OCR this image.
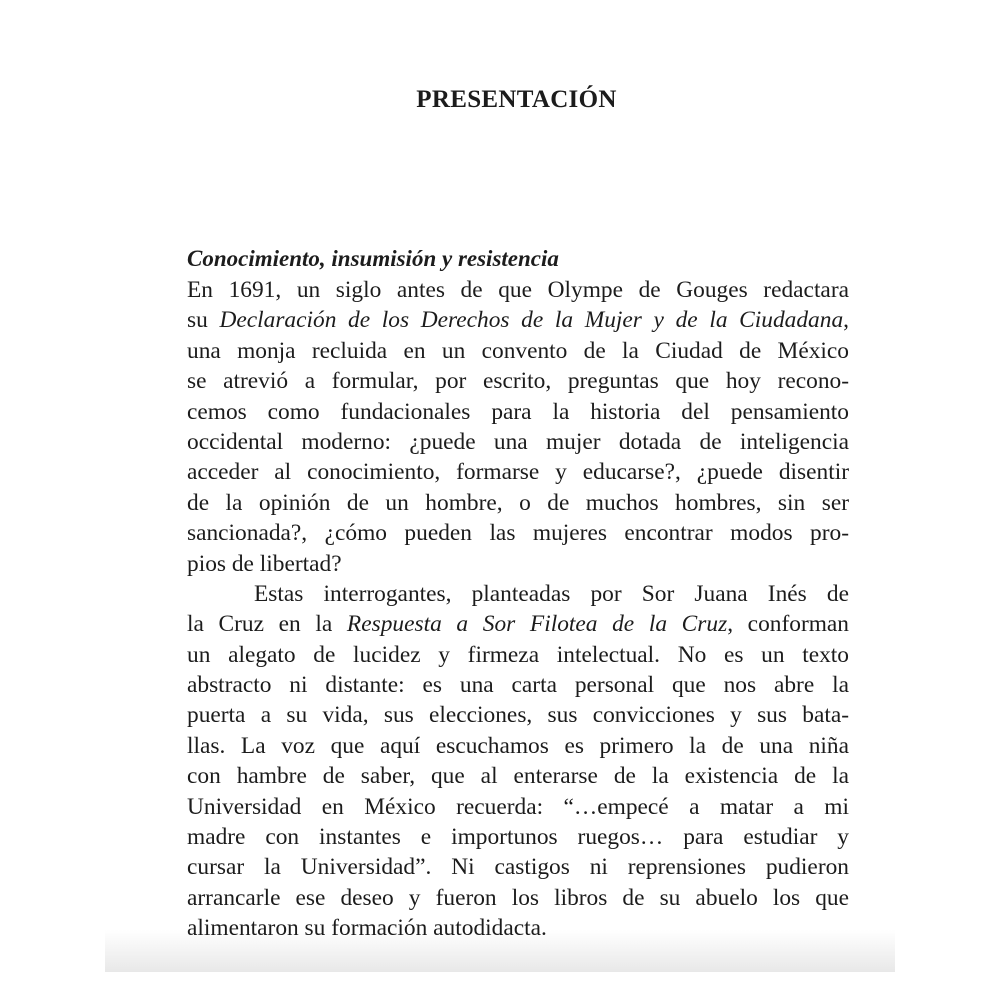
PRESENTACIÓN
Conocimiento, insumisión y resistencia
En 1691, un siglo antes de que Olympe de Gouges redactara
su Declaración de los Derechos de la Mujer y de la Ciudadana,
una monja recluida en un convento de la Ciudad de México
se atrevió a formular, por escrito, preguntas que hoy recono-
cemos como fundacionales para la historia del pensamiento
occidental moderno: ¿puede una mujer dotada de inteligencia
acceder al conocimiento, formarse y educarse?, ¿puede disentir
de la opinión de un hombre, o de muchos hombres, sin ser
sancionada?, ¿cómo pueden las mujeres encontrar modos pro-
pios de libertad?
Estas interrogantes, planteadas por Sor Juana Inés de
la Cruz en la Respuesta a Sor Filotea de la Cruz, conforman
un alegato de lucidez y firmeza intelectual. No es un texto
abstracto ni distante: es una carta personal que nos abre la
puerta a su vida, sus elecciones, sus convicciones y sus bata-
llas. La voz que aquí escuchamos es primero la de una niña
con hambre de saber, que al enterarse de la existencia de la
Universidad en México recuerda: “…empecé a matar a mi
madre con instantes e importunos ruegos… para estudiar y
cursar la Universidad”. Ni castigos ni reprensiones pudieron
arrancarle ese deseo y fueron los libros de su abuelo los que
alimentaron su formación autodidacta.
